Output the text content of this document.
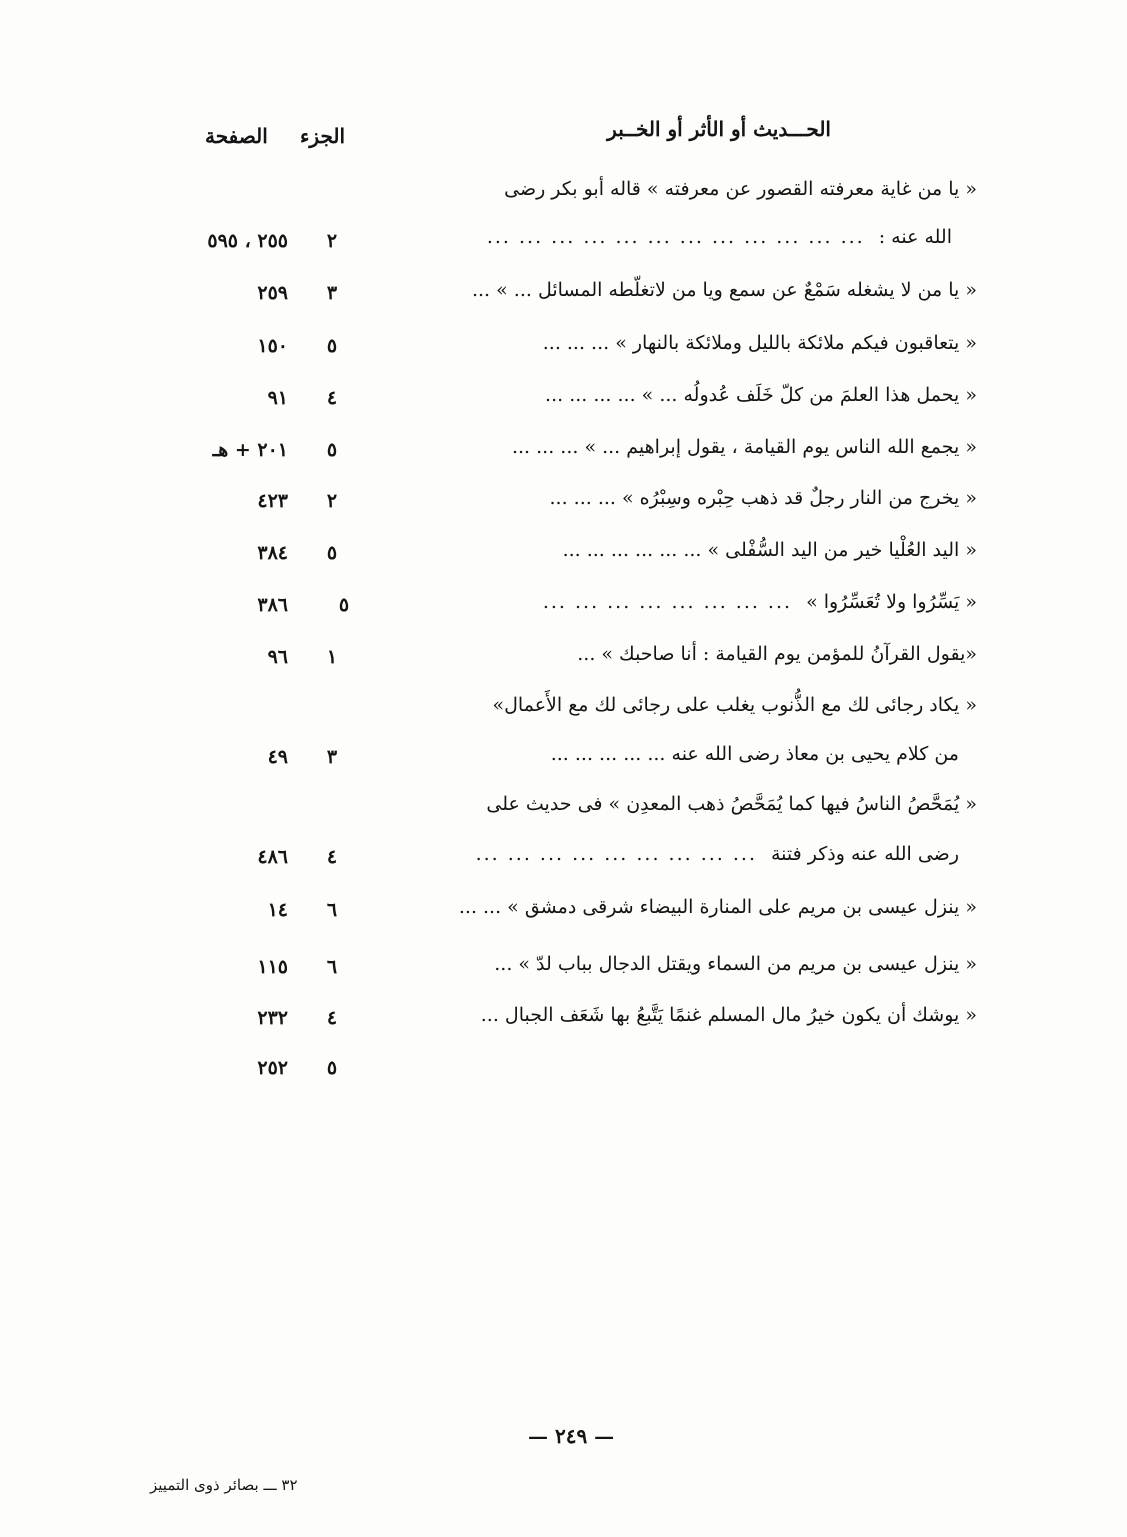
الحـــديث أو الأثر أو الخــبر
الجزء
الصفحة
« يا من غاية معرفته القصور عن معرفته » قاله أبو بكر رضى
الله عنه :... ... ... ... ... ... ... ... ... ... ... ...
٢
٢٥٥ ، ٥٩٥
« يا من لا يشغله سَمْعٌ عن سمع ويا من لاتغلّطه المسائل ... » ...
٣
٢٥٩
« يتعاقبون فيكم ملائكة بالليل وملائكة بالنهار » ... ... ...
٥
١٥٠
« يحمل هذا العلمَ من كلّ خَلَف عُدولُه ... » ... ... ... ...
٤
٩١
« يجمع الله الناس يوم القيامة ، يقول إبراهيم ... » ... ... ...
٥
٢٠١ + هـ
« يخرج من النار رجلٌ قد ذهب حِبْره وسِبْرُه » ... ... ...
٢
٤٢٣
« اليد العُلْيا خير من اليد السُّفْلى » ... ... ... ... ... ...
٥
٣٨٤
« يَسِّرُوا ولا تُعَسِّرُوا »... ... ... ... ... ... ... ...
٥
٣٨٦
«يقول القرآنُ للمؤمن يوم القيامة : أنا صاحبك » ...
١
٩٦
« يكاد رجائى لك مع الذُّنوب يغلب على رجائى لك مع الأَعمال»
من كلام يحيى بن معاذ رضى الله عنه ... ... ... ... ...
٣
٤٩
« يُمَحَّصُ الناسُ فيها كما يُمَحَّصُ ذهب المعدِن » فى حديث على
رضى الله عنه وذكر فتنة... ... ... ... ... ... ... ... ...
٤
٤٨٦
« ينزل عيسى بن مريم على المنارة البيضاء شرقى دمشق » ... ...
٦
١٤
« ينزل عيسى بن مريم من السماء ويقتل الدجال بباب لدّ » ...
٦
١١٥
« يوشك أن يكون خيرُ مال المسلم غنمًا يَتَّبعُ بها شَعَف الجبال ...
٤
٢٣٢
٥
٢٥٢
— ٢٤٩ —
٣٢ ـــ بصائر ذوى التمييز
